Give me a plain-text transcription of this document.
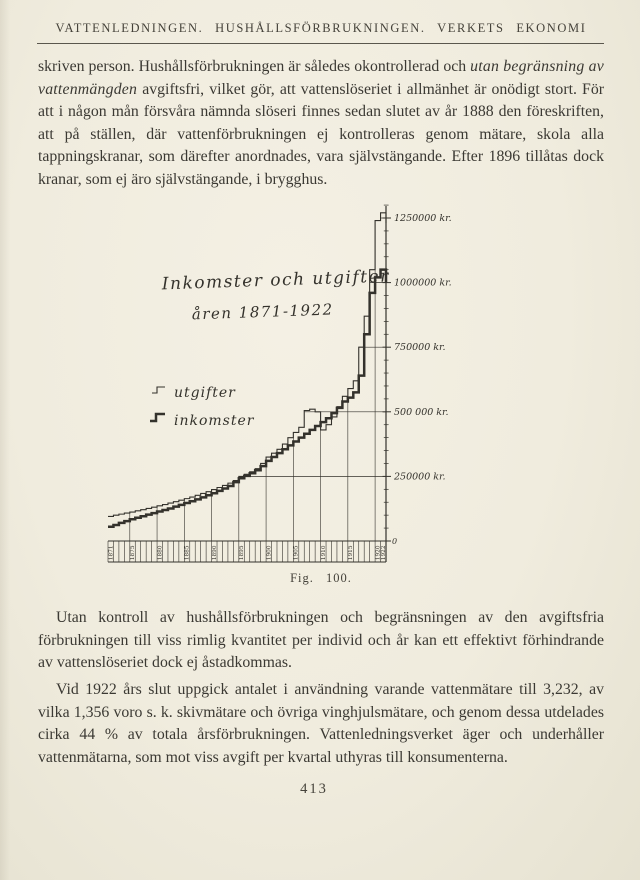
VATTENLEDNINGEN. HUSHÅLLSFÖRBRUKNINGEN. VERKETS EKONOMI

skriven person. Hushållsförbrukningen är således okontrollerad och utan begränsning av vattenmängden avgiftsfri, vilket gör, att vattenslöseriet i allmänhet är onödigt stort. För att i någon mån försvåra nämnda slöseri finnes sedan slutet av år 1888 den föreskriften, att på ställen, där vattenförbrukningen ej kontrolleras genom mätare, skola alla tappningskranar, som därefter anordnades, vara självstängande. Efter 1896 tillåtas dock kranar, som ej äro självstängande, i brygghus.

1871	1875	1880	1885	1890	1895	1900	1905	1910	1915	1920 1922
1250000 kr.
1000000 kr.
750000 kr.
500 000 kr.
250000 kr.
0
Inkomster och utgifter
åren 1871-1922
utgifter
inkomster
Fig. 100.

Utan kontroll av hushållsförbrukningen och begränsningen av den avgiftsfria förbrukningen till viss rimlig kvantitet per individ och år kan ett effektivt förhindrande av vattenslöseriet dock ej åstadkommas.

Vid 1922 års slut uppgick antalet i användning varande vattenmätare till 3,232, av vilka 1,356 voro s. k. skivmätare och övriga vinghjulsmätare, och genom dessa utdelades cirka 44 % av totala årsförbrukningen. Vattenledningsverket äger och underhåller vattenmätarna, som mot viss avgift per kvartal uthyras till konsumenterna.

413
